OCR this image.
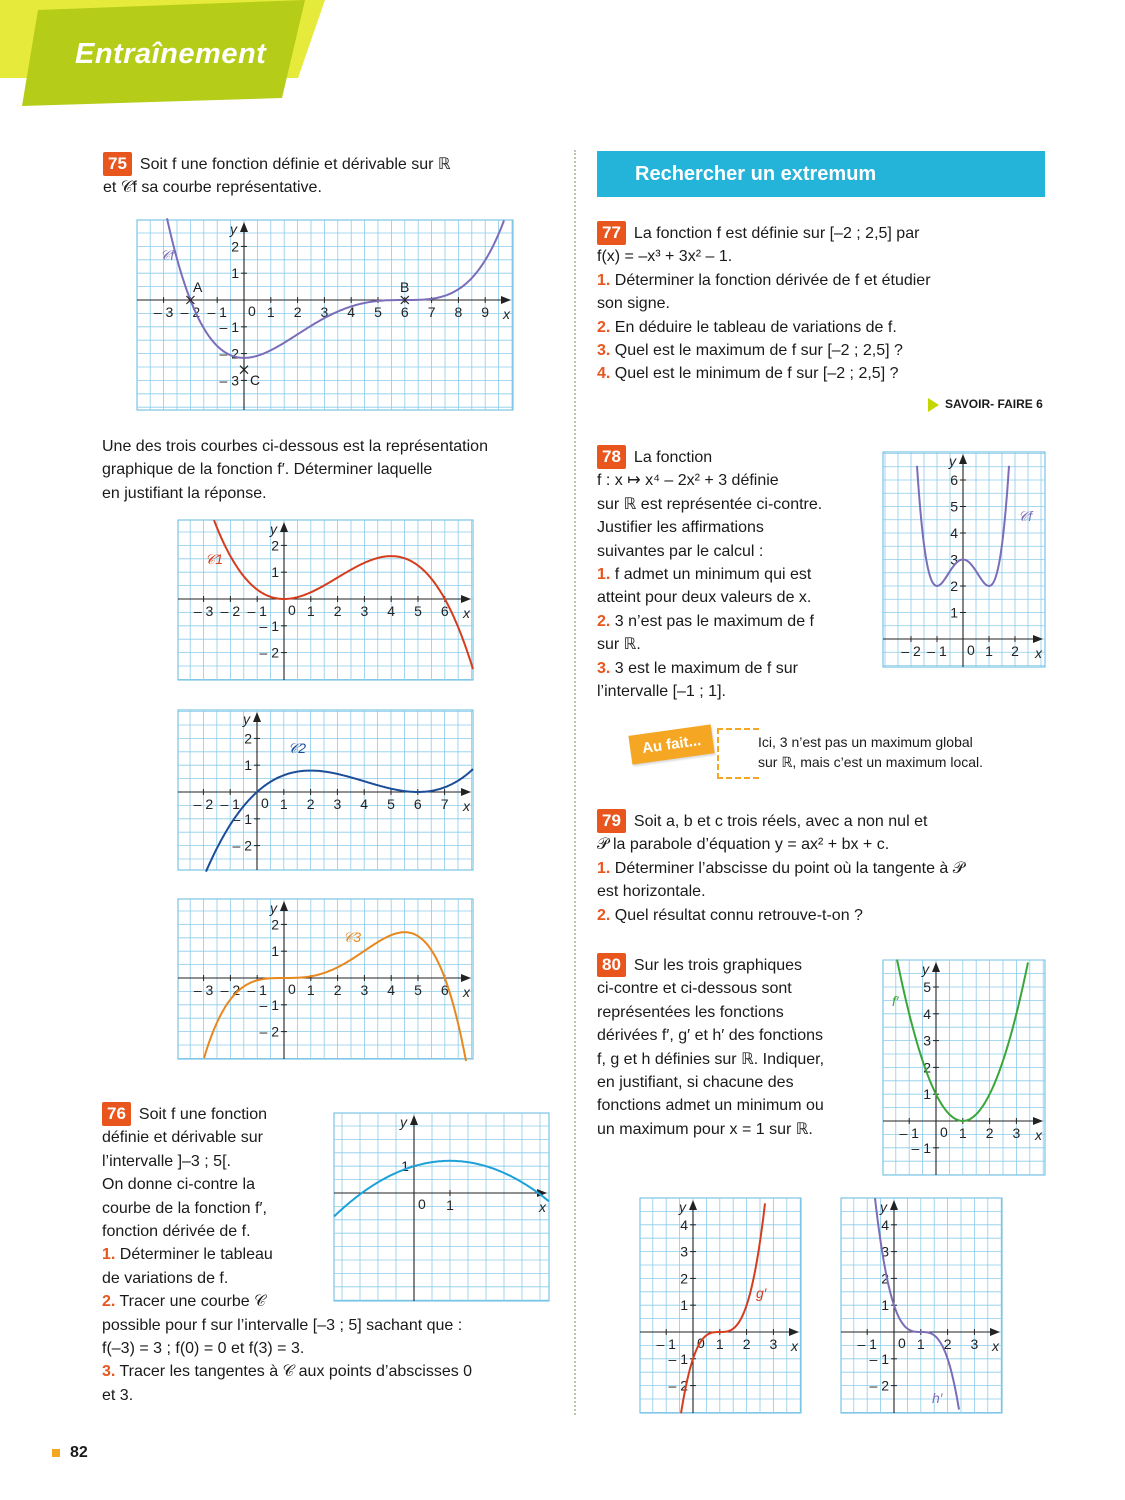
Entraînement

75 Soit f une fonction définie et dérivable sur ℝ

et 𝒞f sa courbe représentative.

– 3 – 2 – 1	1 2 3 4 5 6 7 8 9
– 3
– 2
– 1
1
2
0	x
y
𝒞f
A	B
C

Une des trois courbes ci-dessous est la représentation

graphique de la fonction f′. Déterminer laquelle

en justifiant la réponse.

– 3 – 2 – 1	1 2 3 4 5 6
– 2
– 1
1
2
0	x
y
𝒞1
– 2 – 1	1 2 3 4 5 6 7
– 2
– 1
1
2
0	x
y
𝒞2
– 3 – 2 – 1	1 2 3 4 5 6
– 2
– 1
1
2
0	x
y
𝒞3

76 Soit f une fonction

définie et dérivable sur

l’intervalle ]–3 ; 5[.

On donne ci-contre la

courbe de la fonction f′,

fonction dérivée de f.

1. Déterminer le tableau

de variations de f.

2. Tracer une courbe 𝒞

possible pour f sur l’intervalle [–3 ; 5] sachant que :

f(–3) = 3 ; f(0) = 0 et f(3) = 3.

3. Tracer les tangentes à 𝒞 aux points d’abscisses 0

et 3.

1
1
0	x
y
Rechercher un extremum

77 La fonction f est définie sur [–2 ; 2,5] par

f(x) = –x³ + 3x² – 1.

1. Déterminer la fonction dérivée de f et étudier

son signe.

2. En déduire le tableau de variations de f.

3. Quel est le maximum de f sur [–2 ; 2,5] ?

4. Quel est le minimum de f sur [–2 ; 2,5] ?

SAVOIR- FAIRE 6

78 La fonction

f : x ↦ x⁴ – 2x² + 3 définie

sur ℝ est représentée ci-contre.

Justifier les affirmations

suivantes par le calcul :

1. f admet un minimum qui est

atteint pour deux valeurs de x.

2. 3 n’est pas le maximum de f

sur ℝ.

3. 3 est le maximum de f sur

l’intervalle [–1 ; 1].

– 2 – 1	1 2
1
2
3
4
5
6
0	x
y
𝒞f
Au fait...	Ici, 3 n’est pas un maximum global
sur ℝ, mais c’est un maximum local.

79 Soit a, b et c trois réels, avec a non nul et

𝒫 la parabole d’équation y = ax² + bx + c.

1. Déterminer l’abscisse du point où la tangente à 𝒫

est horizontale.

2. Quel résultat connu retrouve-t-on ?

80 Sur les trois graphiques

ci-contre et ci-dessous sont

représentées les fonctions

dérivées f′, g′ et h′ des fonctions

f, g et h définies sur ℝ. Indiquer,

en justifiant, si chacune des

fonctions admet un minimum ou

un maximum pour x = 1 sur ℝ.	– 1	1 2 3
– 1
1
2
3
4
5
0	x
y
f′
– 1	1 2 3
– 2
– 1
1
2
3
4
0	x
y
g′
– 1	1 2 3
– 2
– 1
1
2
3
4
0	x
y
h′
82
